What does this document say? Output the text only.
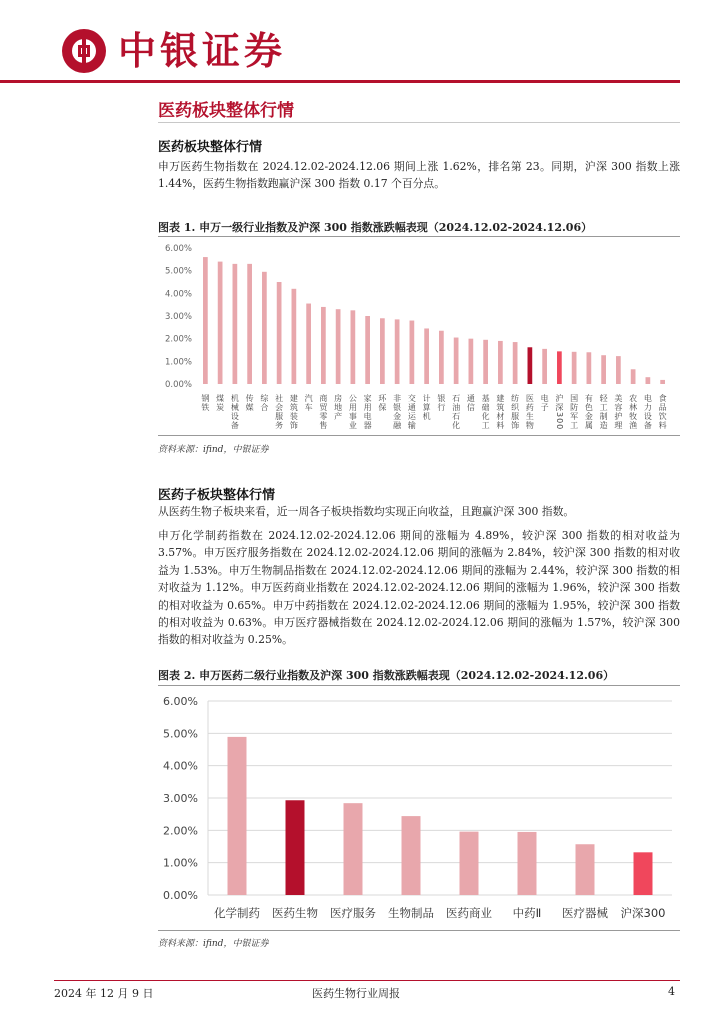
中银证券
医药板块整体行情
医药板块整体行情

申万医药生物指数在 2024.12.02-2024.12.06 期间上涨 1.62%，排名第 23。同期，沪深 300 指数上涨 1.44%，医药生物指数跑赢沪深 300 指数 0.17 个百分点。

图表 1. 申万一级行业指数及沪深 300 指数涨跌幅表现（2024.12.02-2024.12.06）
0.00%
1.00%
2.00%
3.00%
4.00%
5.00%
6.00%
钢铁 煤炭 机械设备 传媒 综合 社会服务 建筑装饰 汽车 商贸零售 房地产 公用事业 家用电器 环保 非银金融 交通运输 计算机 银行 石油石化 通信 基础化工 建筑材料 纺织服饰 医药生物 电子 沪深300 国防军工 有色金属 轻工制造 美容护理 农林牧渔 电力设备 食品饮料
资料来源：ifind，中银证券
医药子板块整体行情

从医药生物子板块来看，近一周各子板块指数均实现正向收益，且跑赢沪深 300 指数。

申万化学制药指数在 2024.12.02-2024.12.06 期间的涨幅为 4.89%，较沪深 300 指数的相对收益为 3.57%。申万医疗服务指数在 2024.12.02-2024.12.06 期间的涨幅为 2.84%，较沪深 300 指数的相对收益为 1.53%。申万生物制品指数在 2024.12.02-2024.12.06 期间的涨幅为 2.44%，较沪深 300 指数的相对收益为 1.12%。申万医药商业指数在 2024.12.02-2024.12.06 期间的涨幅为 1.96%，较沪深 300 指数的相对收益为 0.65%。申万中药指数在 2024.12.02-2024.12.06 期间的涨幅为 1.95%，较沪深 300 指数的相对收益为 0.63%。申万医疗器械指数在 2024.12.02-2024.12.06 期间的涨幅为 1.57%，较沪深 300 指数的相对收益为 0.25%。

图表 2. 申万医药二级行业指数及沪深 300 指数涨跌幅表现（2024.12.02-2024.12.06）
0.00%
1.00%
2.00%
3.00%
4.00%
5.00%
6.00%
化学制药 医药生物 医疗服务 生物制品 医药商业 中药Ⅱ 医疗器械 沪深300
资料来源：ifind，中银证券
2024 年 12 月 9 日	医药生物行业周报	4
